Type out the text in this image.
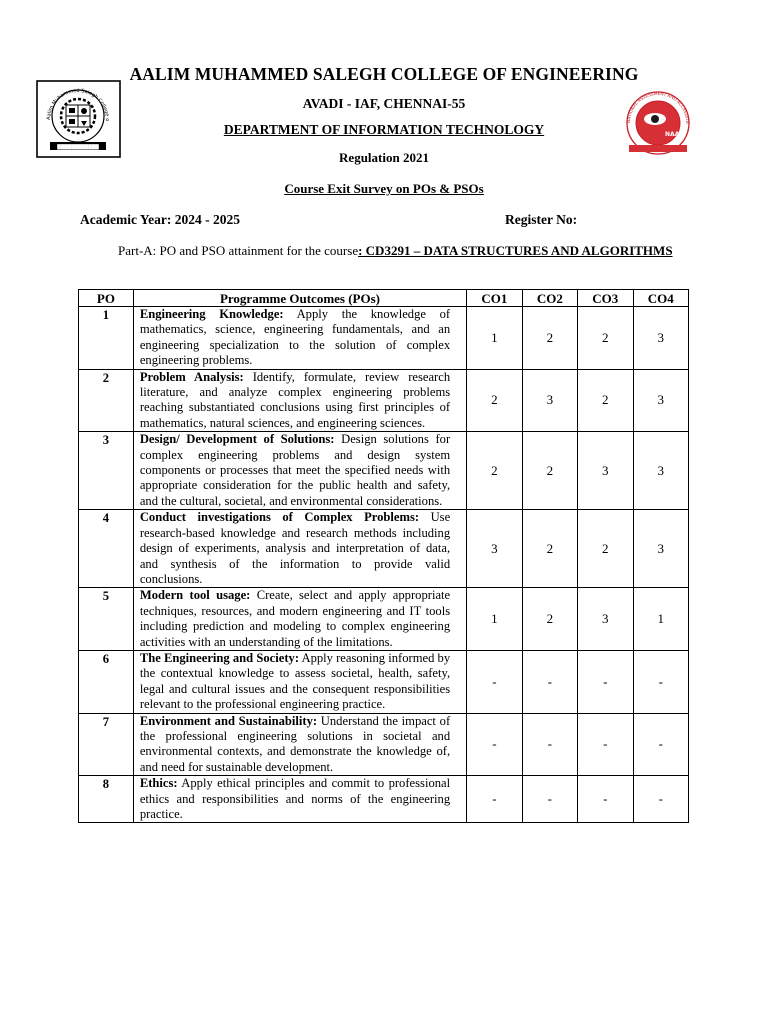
████████████
Aalim Muhammed Salegh College o	NATIONAL ASSESSMENT AND ACCREDITA
NAAC
AALIM MUHAMMED SALEGH COLLEGE OF ENGINEERING
AVADI - IAF, CHENNAI-55
DEPARTMENT OF INFORMATION TECHNOLOGY
Regulation 2021
Course Exit Survey on POs & PSOs
Academic Year: 2024 - 2025	Register No:
Part-A: PO and PSO attainment for the course: CD3291 – DATA STRUCTURES AND ALGORITHMS
PO	Programme Outcomes (POs)	CO1	CO2	CO3	CO4
1	Engineering Knowledge: Apply the knowledge of mathematics, science, engineering fundamentals, and an engineering specialization to the solution of complex engineering problems.	1	2	2	3
2	Problem Analysis: Identify, formulate, review research literature, and analyze complex engineering problems reaching substantiated conclusions using first principles of mathematics, natural sciences, and engineering sciences.	2	3	2	3
3	Design/ Development of Solutions: Design solutions for complex engineering problems and design system components or processes that meet the specified needs with appropriate consideration for the public health and safety, and the cultural, societal, and environmental considerations.	2	2	3	3
4	Conduct investigations of Complex Problems: Use research-based knowledge and research methods including design of experiments, analysis and interpretation of data, and synthesis of the information to provide valid conclusions.	3	2	2	3
5	Modern tool usage: Create, select and apply appropriate techniques, resources, and modern engineering and IT tools including prediction and modeling to complex engineering activities with an understanding of the limitations.	1	2	3	1
6	The Engineering and Society: Apply reasoning informed by the contextual knowledge to assess societal, health, safety, legal and cultural issues and the consequent responsibilities relevant to the professional engineering practice.	-	-	-	-
7	Environment and Sustainability: Understand the impact of the professional engineering solutions in societal and environmental contexts, and demonstrate the knowledge of, and need for sustainable development.	-	-	-	-
8	Ethics: Apply ethical principles and commit to professional ethics and responsibilities and norms of the engineering practice.	-	-	-	-
